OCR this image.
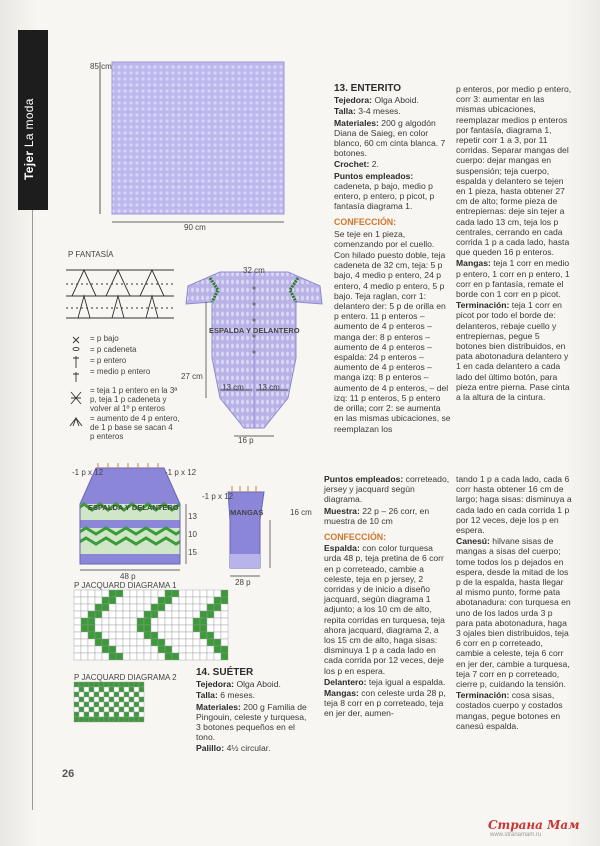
Tejer La moda
85 cm
90 cm
P FANTASÍA
= p bajo
= p cadeneta
= p entero
= medio p entero
= teja 1 p entero en la 3ª
p, teja 1 p cadeneta y
volver al 1º p enteros
= aumento de 4 p entero,
de 1 p base se sacan 4
p enteros
32 cm
ESPALDA Y DELANTERO
27 cm
13 cm 13 cm
16 p
-1 p x 12	-1 p x 12
ESPALDA Y DELANTERO
13
10
15
48 p
-1 p x 12
MANGAS	16 cm
28 p
P JACQUARD DIAGRAMA 1
P JACQUARD DIAGRAMA 2

13. ENTERITO

Tejedora: Olga Aboid.

Talla: 3-4 meses.

Materiales: 200 g algodón Diana de Saieg, en color blanco, 60 cm cinta blanca. 7 botones.

Crochet: 2.

Puntos empleados: cadeneta, p bajo, medio p entero, p entero, p picot, p fantasía diagrama 1.

CONFECCIÓN:

Se teje en 1 pieza, comenzando por el cuello.

Con hilado puesto doble, teja cadeneta de 32 cm, teja: 5 p bajo, 4 medio p entero, 24 p entero, 4 medio p entero, 5 p bajo. Teja raglan, corr 1: delantero der: 5 p de orilla en p entero. 11 p enteros – aumento de 4 p enteros – manga der: 8 p enteros – aumento de 4 p enteros – espalda: 24 p enteros – aumento de 4 p enteros – manga izq: 8 p enteros – aumento de 4 p enteros, – del izq: 11 p enteros, 5 p entero de orilla; corr 2: se aumenta en las mismas ubicaciones, se reemplazan los

p enteros, por medio p entero, corr 3: aumentar en las mismas ubicaciones, reemplazar medios p enteros por fantasía, diagrama 1, repetir corr 1 a 3, por 11 corridas. Separar mangas del cuerpo: dejar mangas en suspensión; teja cuerpo, espalda y delantero se tejen en 1 pieza, hasta obtener 27 cm de alto; forme pieza de entrepiernas: deje sin tejer a cada lado 13 cm, teja los p centrales, cerrando en cada corrida 1 p a cada lado, hasta que queden 16 p enteros.

Mangas: teja 1 corr en medio p entero, 1 corr en p entero, 1 corr en p fantasía, remate el borde con 1 corr en p picot.

Terminación: teja 1 corr en picot por todo el borde de: delanteros, rebaje cuello y entrepiernas, pegue 5 botones bien distribuidos, en pata abotonadura delantero y 1 en cada delantero a cada lado del último botón, para pieza entre pierna. Pase cinta a la altura de la cintura.

Puntos empleados: correteado, jersey y jacquard según diagrama.

Muestra: 22 p – 26 corr, en muestra de 10 cm

CONFECCIÓN:

Espalda: con color turquesa urda 48 p, teja pretina de 6 corr en p correteado, cambie a celeste, teja en p jersey, 2 corridas y de inicio a diseño jacquard, según diagrama 1 adjunto; a los 10 cm de alto, repita corridas en turquesa, teja ahora jacquard, diagrama 2, a los 15 cm de alto, haga sisas: disminuya 1 p a cada lado en cada corrida por 12 veces, deje los p en espera.

Delantero: teja igual a espalda.

Mangas: con celeste urda 28 p, teja 8 corr en p correteado, teja en jer der, aumen-

14. SUÉTER

Tejedora: Olga Aboid.

Talla: 6 meses.

Materiales: 200 g Familia de Pingouin, celeste y turquesa, 3 botones pequeños en el tono.

Palillo: 4½ circular.

tando 1 p a cada lado, cada 6 corr hasta obtener 16 cm de largo; haga sisas: disminuya a cada lado en cada corrida 1 p por 12 veces, deje los p en espera.

Canesú: hilvane sisas de mangas a sisas del cuerpo; tome todos los p dejados en espera, desde la mitad de los p de la espalda, hasta llegar al mismo punto, forme pata abotanadura: con turquesa en uno de los lados urda 3 p para pata abotonadura, haga 3 ojales bien distribuidos, teja 6 corr en p correteado, cambie a celeste, teja 6 corr en jer der, cambie a turquesa, teja 7 corr en p correteado, cierre p, cuidando la tensión.

Terminación: cosa sisas, costados cuerpo y costados mangas, pegue botones en canesú espalda.

26
Страна Мам
www.stranamam.ru
